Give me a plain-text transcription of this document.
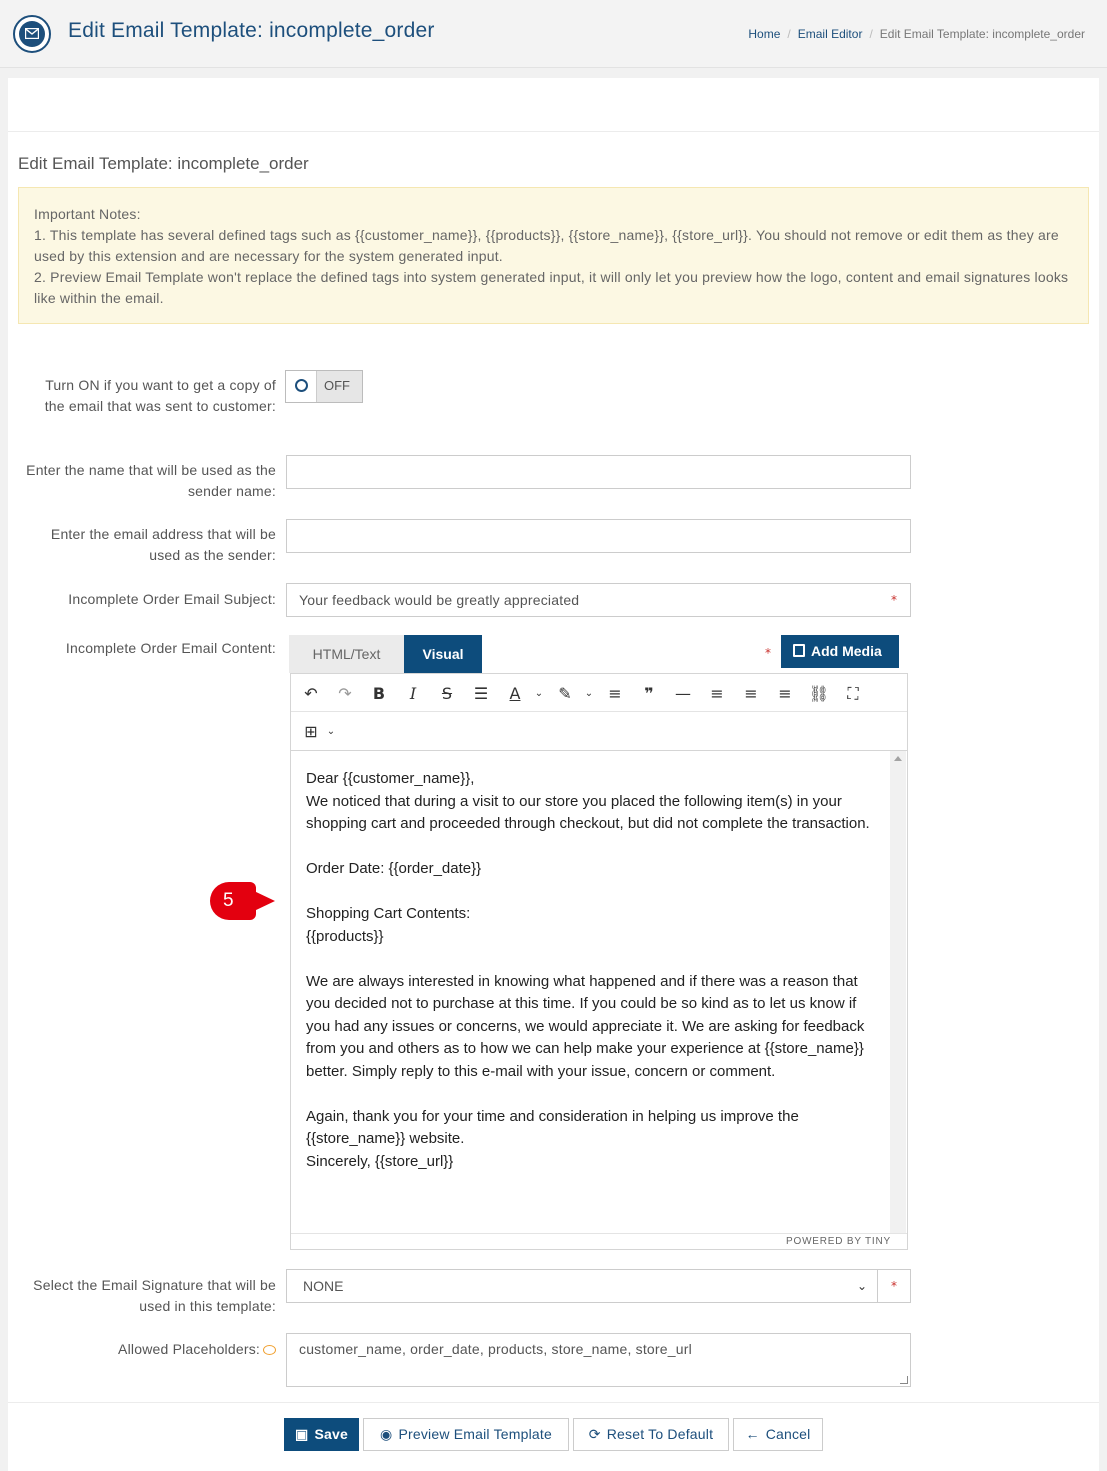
Edit Email Template: incomplete_order	Home / Email Editor / Edit Email Template: incomplete_order
Edit Email Template: incomplete_order
Important Notes:
1. This template has several defined tags such as {{customer_name}}, {{products}}, {{store_name}}, {{store_url}}. You should not remove or edit them as they are used by this extension and are necessary for the system generated input.
2. Preview Email Template won't replace the defined tags into system generated input, it will only let you preview how the logo, content and email signatures looks like within the email.
Turn ON if you want to get a copy of the email that was sent to customer:
OFF
Enter the name that will be used as the sender name:
Enter the email address that will be used as the sender:
Incomplete Order Email Subject:	Your feedback would be greatly appreciated	*
Incomplete Order Email Content:	HTML/Text	Visual	*	Add Media
↶ ↷	B	I	S	☰	A	⌄ ✎	⌄ ≡	❞	— ≡ ≡ ≡ ⛓	⛶
⊞ ⌄

Dear {{customer_name}},

We noticed that during a visit to our store you placed the following item(s) in your shopping cart and proceeded through checkout, but did not complete the transaction.

Order Date: {{order_date}}

Shopping Cart Contents:

{{products}}

We are always interested in knowing what happened and if there was a reason that you decided not to purchase at this time. If you could be so kind as to let us know if you had any issues or concerns, we would appreciate it. We are asking for feedback from you and others as to how we can help make your experience at {{store_name}} better. Simply reply to this e-mail with your issue, concern or comment.

Again, thank you for your time and consideration in helping us improve the {{store_name}} website.

Sincerely, {{store_url}}

POWERED BY TINY
5
Select the Email Signature that will be used in this template:
NONE	⌄	*
Allowed Placeholders:	customer_name, order_date, products, store_name, store_url
▣ Save	◉ Preview Email Template	⟳ Reset To Default	← Cancel
